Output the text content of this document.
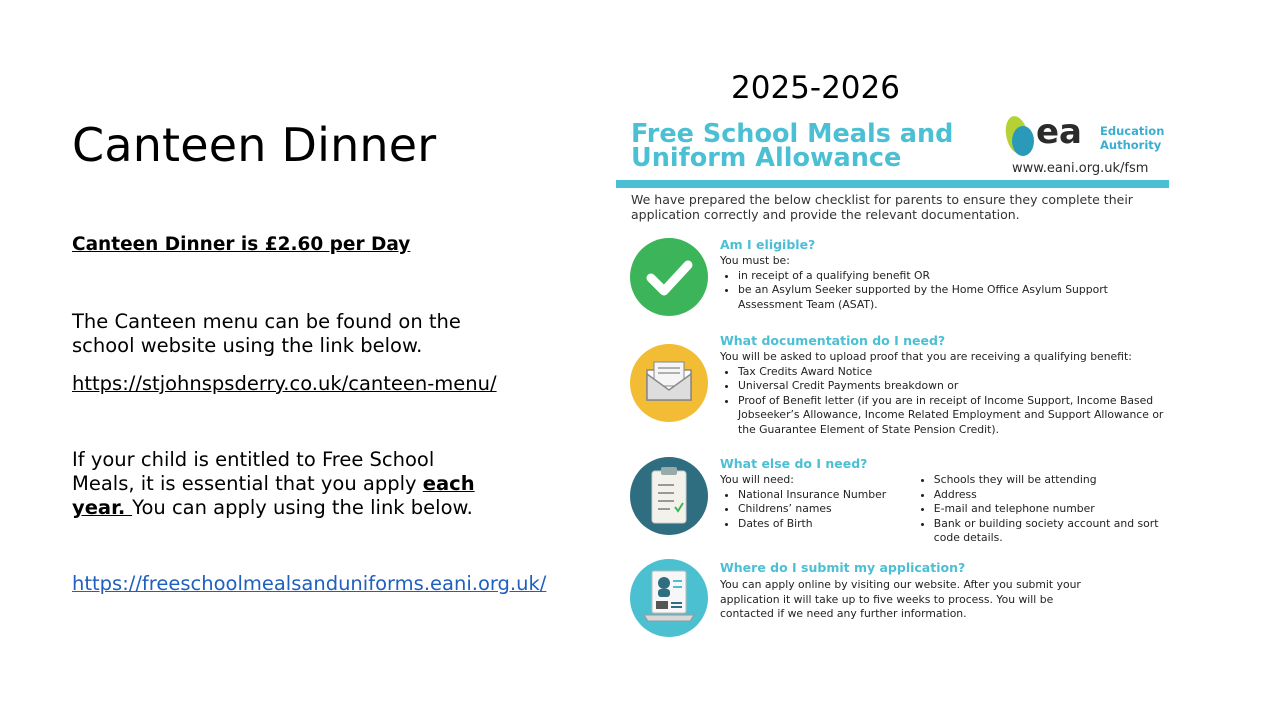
Canteen Dinner
Canteen Dinner is £2.60 per Day
The Canteen menu can be found on the school website using the link below.
https://stjohnspsderry.co.uk/canteen-menu/
If your child is entitled to Free School Meals, it is essential that you apply each year. You can apply using the link below.
https://freeschoolmealsanduniforms.eani.org.uk/
2025-2026
Free School Meals and
Uniform Allowance
ea Education
Authority
www.eani.org.uk/fsm
We have prepared the below checklist for parents to ensure they complete their application correctly and provide the relevant documentation.
Am I eligible?
You must be:
• in receipt of a qualifying benefit OR
• be an Asylum Seeker supported by the Home Office Asylum Support Assessment Team (ASAT).
What documentation do I need?
You will be asked to upload proof that you are receiving a qualifying benefit:
• Tax Credits Award Notice
• Universal Credit Payments breakdown or
• Proof of Benefit letter (if you are in receipt of Income Support, Income Based Jobseeker’s Allowance, Income Related Employment and Support Allowance or the Guarantee Element of State Pension Credit).
What else do I need?
You will need:
• National Insurance Number
• Childrens’ names
• Dates of Birth
• Schools they will be attending
• Address
• E-mail and telephone number
• Bank or building society account and sort code details.
Where do I submit my application?
You can apply online by visiting our website. After you submit your application it will take up to five weeks to process. You will be contacted if we need any further information.
